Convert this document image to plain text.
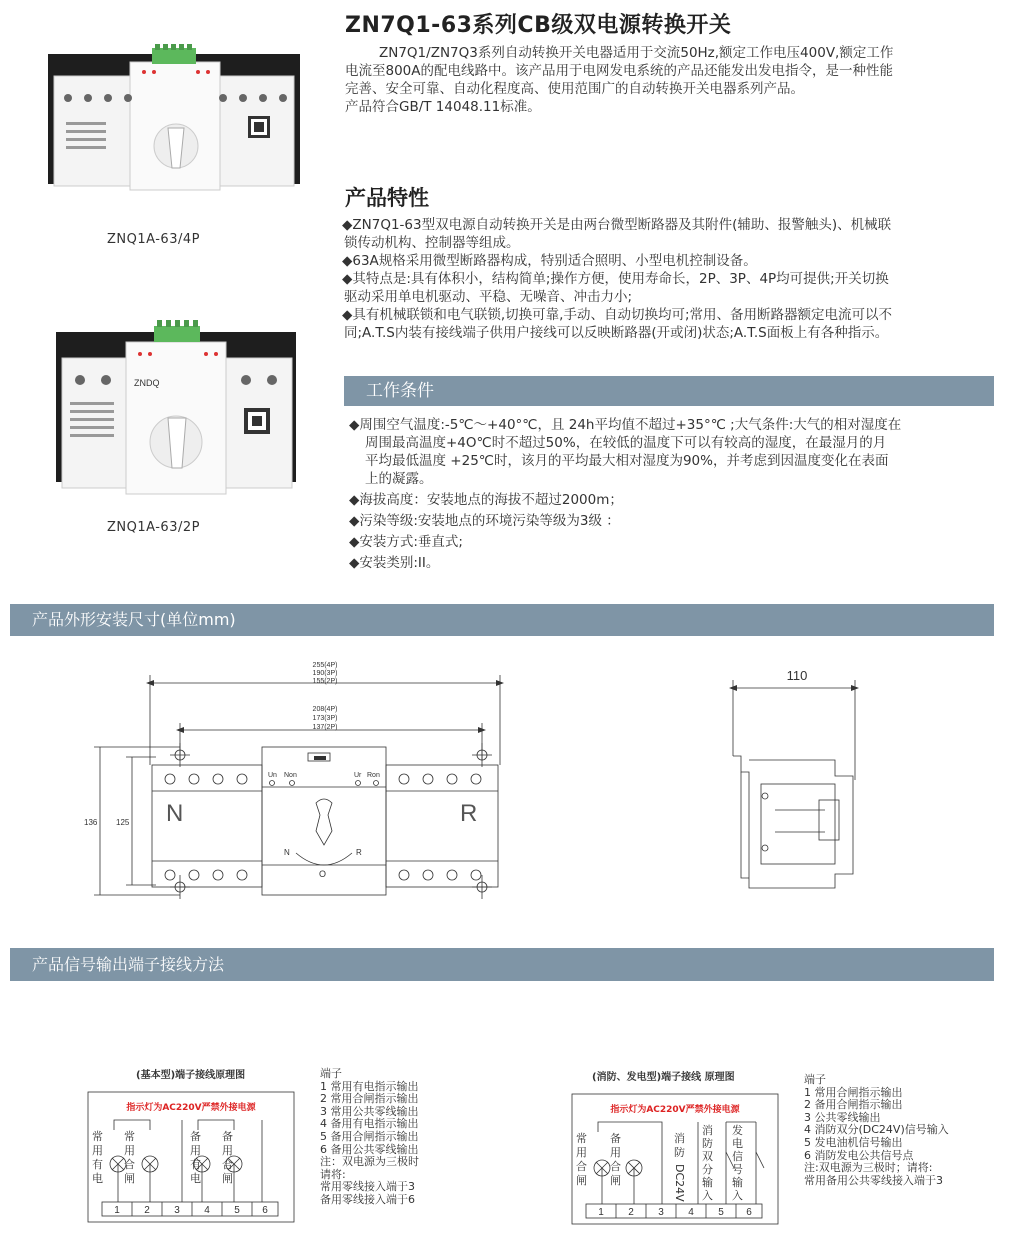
ZN7Q1-63系列CB级双电源转换开关
ZN7Q1/ZN7Q3系列自动转换开关电器适用于交流50Hz,额定工作电压400V,额定工作
电流至800A的配电线路中。该产品用于电网发电系统的产品还能发出发电指令，是一种性能
完善、安全可靠、自动化程度高、使用范围广的自动转换开关电器系列产品。
产品符合GB/T 14048.11标准。
ZNQ1A-63/4P
ZNDQ
ZNQ1A-63/2P
产品特性
◆ZN7Q1-63型双电源自动转换开关是由两台微型断路器及其附件(辅助、报警触头)、机械联
锁传动机构、控制器等组成。
◆63A规格采用微型断路器构成，特别适合照明、小型电机控制设备。
◆其特点是:具有体积小，结构简单;操作方便，使用寿命长，2P、3P、4P均可提供;开关切换
驱动采用单电机驱动、平稳、无噪音、冲击力小;
◆具有机械联锁和电气联锁,切换可靠,手动、自动切换均可;常用、备用断路器额定电流可以不
同;A.T.S内装有接线端子供用户接线可以反映断路器(开或闭)状态;A.T.S面板上有各种指示。
工作条件
◆周围空气温度:-5℃～+40°℃，且 24h平均值不超过+35°℃ ;大气条件:大气的相对湿度在
周围最高温度+4O℃时不超过50%，在较低的温度下可以有较高的湿度，在最湿月的月
平均最低温度 +25℃时，该月的平均最大相对湿度为90%，并考虑到因温度变化在表面
上的凝露。
◆海拔高度：安装地点的海拔不超过2000m；
◆污染等级:安装地点的环境污染等级为3级 ：
◆安装方式:垂直式;
◆安装类别:II。
产品外形安装尺寸(单位mm)
255(4P)
190(3P)
155(2P)
208(4P)
173(3P)
137(2P)
136 125 N	R
Un Non	Ur Ron
N
O
R
110
产品信号输出端子接线方法
(基本型)端子接线原理图
指示灯为AC220V严禁外接电源
常用有电
常用合闸
备用有电
备用合闸
1 2 3 4 5 6
端子
1 常用有电指示输出
2 常用合闸指示输出
3 常用公共零线输出
4 备用有电指示输出
5 备用合闸指示输出
6 备用公共零线输出
注：双电源为三极时
请将:
常用零线接入端于3
备用零线接入端于6
(消防、发电型)端子接线 原理图
指示灯为AC220V严禁外接电源
常用合闸
备用合闸
消防
消防双分输入
发电信号输入
DC24V
1 2 3 4 5 6
端子
1 常用合闸指示输出
2 备用合闸指示输出
3 公共零线输出
4 消防双分(DC24V)信号输入
5 发电油机信号输出
6 消防发电公共信号点
注:双电源为三极时；请将:
常用备用公共零线接入端于3
